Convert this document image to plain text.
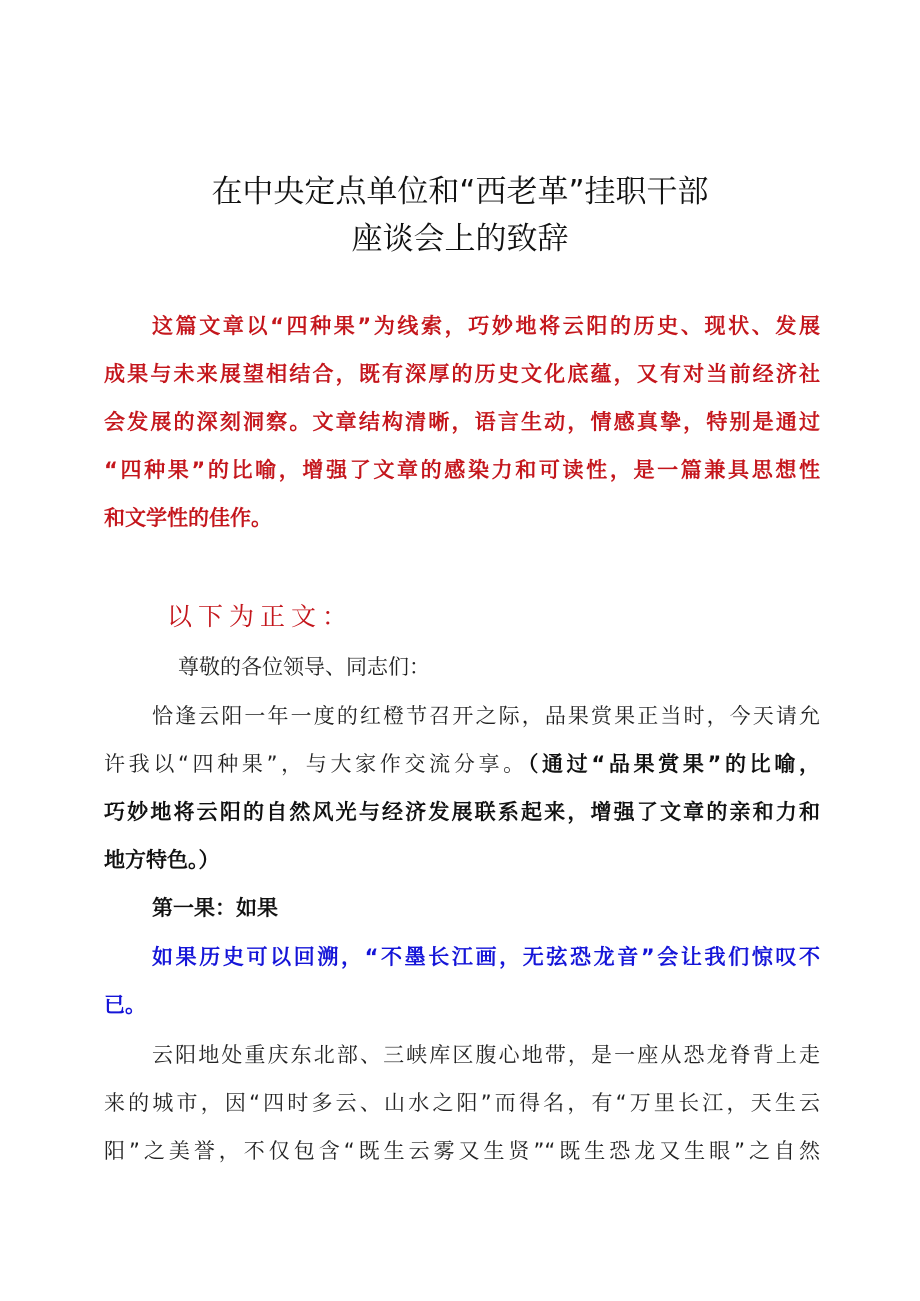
在中央定点单位和“西老革”挂职干部
座谈会上的致辞
这篇文章以“四种果”为线索，巧妙地将云阳的历史、现状、发展
成果与未来展望相结合，既有深厚的历史文化底蕴，又有对当前经济社
会发展的深刻洞察。文章结构清晰，语言生动，情感真挚，特别是通过
“四种果”的比喻，增强了文章的感染力和可读性，是一篇兼具思想性
和文学性的佳作。
以下为正文：
尊敬的各位领导、同志们：
恰逢云阳一年一度的红橙节召开之际，品果赏果正当时，今天请允
许我以“四种果”，与大家作交流分享。（通过“品果赏果”的比喻，
巧妙地将云阳的自然风光与经济发展联系起来，增强了文章的亲和力和
地方特色。）
第一果：如果
如果历史可以回溯，“不墨长江画，无弦恐龙音”会让我们惊叹不
已。
云阳地处重庆东北部、三峡库区腹心地带，是一座从恐龙脊背上走
来的城市，因“四时多云、山水之阳”而得名，有“万里长江，天生云
阳”之美誉，不仅包含“既生云雾又生贤”“既生恐龙又生眼”之自然
